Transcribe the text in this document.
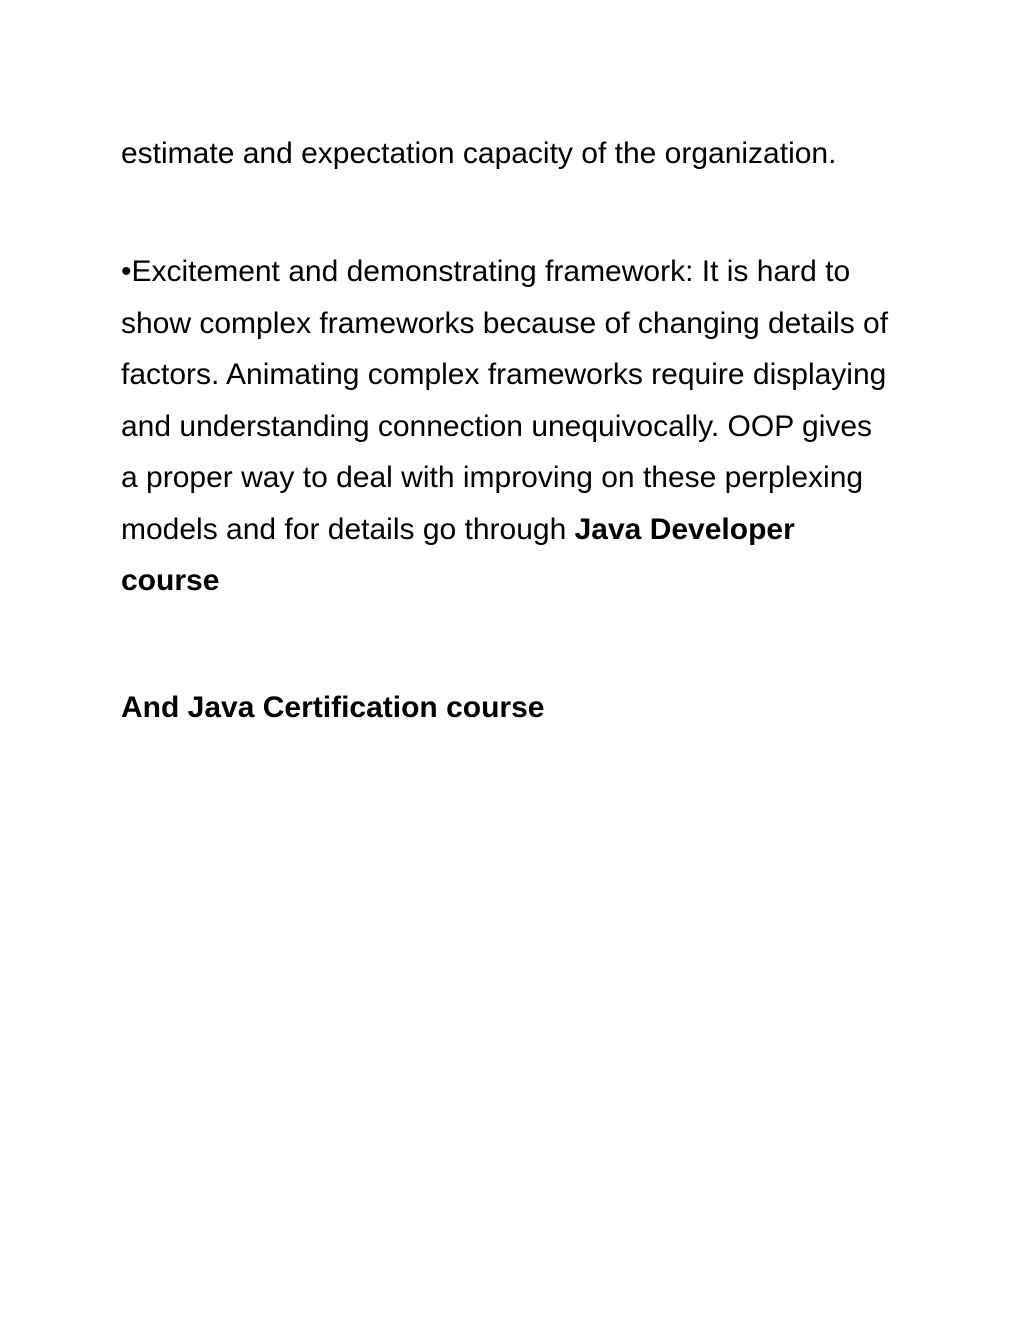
estimate and expectation capacity of the organization.

•Excitement and demonstrating framework: It is hard to show complex frameworks because of changing details of factors. Animating complex frameworks require displaying and understanding connection unequivocally. OOP gives a proper way to deal with improving on these perplexing models and for details go through Java Developer course

And Java Certification course
